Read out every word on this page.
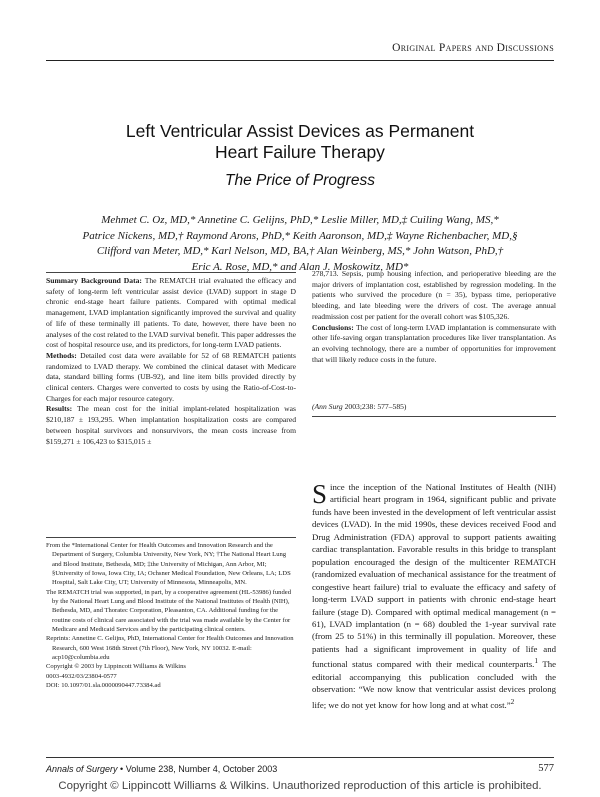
Original Papers and Discussions
Left Ventricular Assist Devices as Permanent
Heart Failure Therapy
The Price of Progress
Mehmet C. Oz, MD,* Annetine C. Gelijns, PhD,* Leslie Miller, MD,‡ Cuiling Wang, MS,*
Patrice Nickens, MD,† Raymond Arons, PhD,* Keith Aaronson, MD,‡ Wayne Richenbacher, MD,§
Clifford van Meter, MD,* Karl Nelson, MD, BA,† Alan Weinberg, MS,* John Watson, PhD,†
Eric A. Rose, MD,* and Alan J. Moskowitz, MD*

Summary Background Data: The REMATCH trial evaluated the efficacy and safety of long-term left ventricular assist device (LVAD) support in stage D chronic end-stage heart failure patients. Compared with optimal medical management, LVAD implantation significantly improved the survival and quality of life of these terminally ill patients. To date, however, there have been no analyses of the cost related to the LVAD survival benefit. This paper addresses the cost of hospital resource use, and its predictors, for long-term LVAD patients.

Methods: Detailed cost data were available for 52 of 68 REMATCH patients randomized to LVAD therapy. We combined the clinical dataset with Medicare data, standard billing forms (UB-92), and line item bills provided directly by clinical centers. Charges were converted to costs by using the Ratio-of-Cost-to-Charges for each major resource category.

Results: The mean cost for the initial implant-related hospitalization was $210,187 ± 193,295. When implantation hospitalization costs are compared between hospital survivors and nonsurvivors, the mean costs increase from $159,271 ± 106,423 to $315,015 ±

278,713. Sepsis, pump housing infection, and perioperative bleeding are the major drivers of implantation cost, established by regression modeling. In the patients who survived the procedure (n = 35), bypass time, perioperative bleeding, and late bleeding were the drivers of cost. The average annual readmission cost per patient for the overall cohort was $105,326.

Conclusions: The cost of long-term LVAD implantation is commensurate with other life-saving organ transplantation procedures like liver transplantation. As an evolving technology, there are a number of opportunities for improvement that will likely reduce costs in the future.

(Ann Surg 2003;238: 577–585)

From the *International Center for Health Outcomes and Innovation Research and the Department of Surgery, Columbia University, New York, NY; †The National Heart Lung and Blood Institute, Bethesda, MD; ‡the University of Michigan, Ann Arbor, MI; §University of Iowa, Iowa City, IA; Ochsner Medical Foundation, New Orleans, LA; LDS Hospital, Salt Lake City, UT; University of Minnesota, Minneapolis, MN.

The REMATCH trial was supported, in part, by a cooperative agreement (HL-53986) funded by the National Heart Lung and Blood Institute of the National Institutes of Health (NIH), Bethesda, MD, and Thoratec Corporation, Pleasanton, CA. Additional funding for the routine costs of clinical care associated with the trial was made available by the Center for Medicare and Medicaid Services and by the participating clinical centers.

Reprints: Annetine C. Gelijns, PhD, International Center for Health Outcomes and Innovation Research, 600 West 168th Street (7th Floor), New York, NY 10032. E-mail: acp10@columbia.edu

Copyright © 2003 by Lippincott Williams & Wilkins

0003-4932/03/23804-0577

DOI: 10.1097/01.sla.0000090447.73384.ad

Since the inception of the National Institutes of Health (NIH) artificial heart program in 1964, significant public and private funds have been invested in the development of left ventricular assist devices (LVAD). In the mid 1990s, these devices received Food and Drug Administration (FDA) approval to support patients awaiting cardiac transplantation. Favorable results in this bridge to transplant population encouraged the design of the multicenter REMATCH (randomized evaluation of mechanical assistance for the treatment of congestive heart failure) trial to evaluate the efficacy and safety of long-term LVAD support in patients with chronic end-stage heart failure (stage D). Compared with optimal medical management (n = 61), LVAD implantation (n = 68) doubled the 1-year survival rate (from 25 to 51%) in this terminally ill population. Moreover, these patients had a significant improvement in quality of life and functional status compared with their medical counterparts.$^1$ The editorial accompanying this publication concluded with the observation: “We now know that ventricular assist devices prolong life; we do not yet know for how long and at what cost.”$^2$
Annals of Surgery • Volume 238, Number 4, October 2003	577
Copyright © Lippincott Williams & Wilkins. Unauthorized reproduction of this article is prohibited.
